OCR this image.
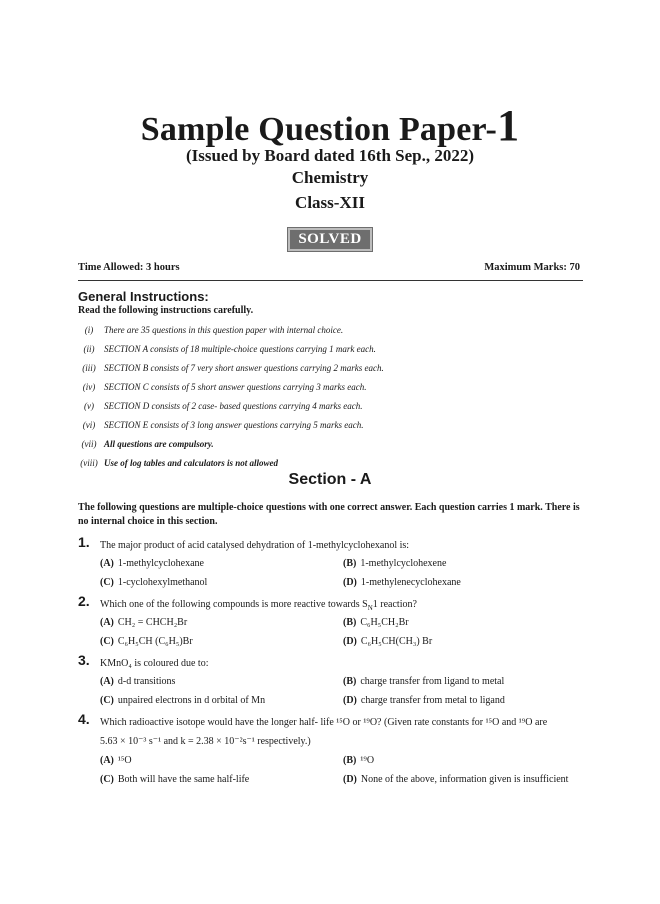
Sample Question Paper-1
(Issued by Board dated 16th Sep., 2022)
Chemistry
Class-XII
SOLVED
Time Allowed: 3 hours	Maximum Marks: 70
General Instructions:
Read the following instructions carefully.
(i)	There are 35 questions in this question paper with internal choice.
(ii)	SECTION A consists of 18 multiple-choice questions carrying 1 mark each.
(iii) SECTION B consists of 7 very short answer questions carrying 2 marks each.
(iv) SECTION C consists of 5 short answer questions carrying 3 marks each.
(v)	SECTION D consists of 2 case- based questions carrying 4 marks each.
(vi) SECTION E consists of 3 long answer questions carrying 5 marks each.
(vii) All questions are compulsory.
(viii) Use of log tables and calculators is not allowed
Section - A
The following questions are multiple-choice questions with one correct answer. Each question carries 1 mark. There is no internal choice in this section.
1. The major product of acid catalysed dehydration of 1-methylcyclohexanol is:
(A) 1-methylcyclohexane	(B) 1-methylcyclohexene
(C) 1-cyclohexylmethanol	(D) 1-methylenecyclohexane
2. Which one of the following compounds is more reactive towards $S_N1$ reaction?
(A) CH₂ = CHCH₂Br	(B) C₆H₅CH₂Br
(C) C₆H₅CH (C₆H₅)Br	(D) C₆H₅CH(CH₃) Br
3. KMnO₄ is coloured due to:
(A) d-d transitions	(B) charge transfer from ligand to metal
(C) unpaired electrons in d orbital of Mn	(D) charge transfer from metal to ligand
4. Which radioactive isotope would have the longer half- life ¹⁵O or ¹⁹O? (Given rate constants for ¹⁵O and ¹⁹O are
5.63 × 10⁻³ s⁻¹ and k = 2.38 × 10⁻²s⁻¹ respectively.)
(A) ¹⁵O	(B) ¹⁹O
(C) Both will have the same half-life	(D) None of the above, information given is insufficient
